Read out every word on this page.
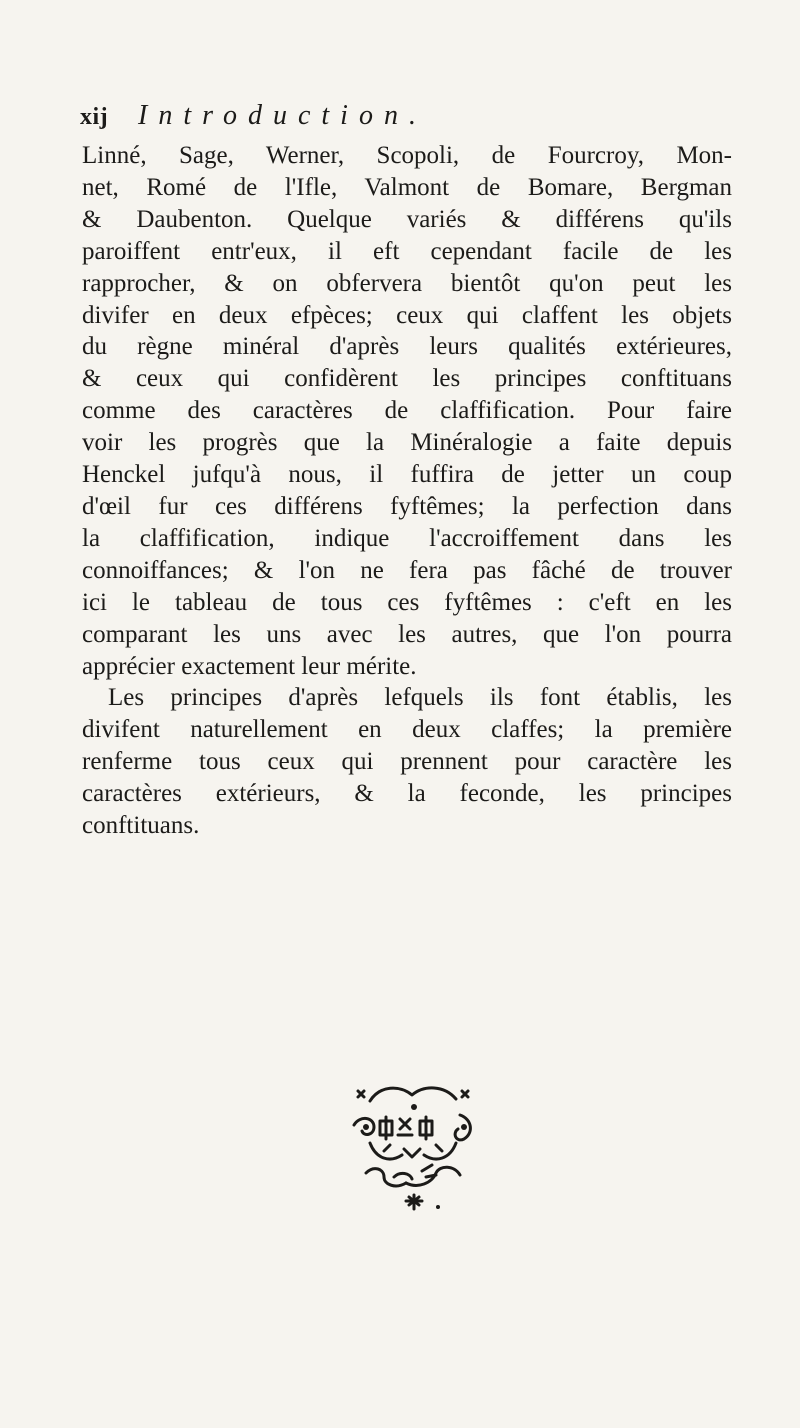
xij Introduction.

Linné, Sage, Werner, Scopoli, de Fourcroy, Mon-
net, Romé de l'Ifle, Valmont de Bomare, Bergman
& Daubenton. Quelque variés & différens qu'ils
paroiffent entr'eux, il eft cependant facile de les
rapprocher, & on obfervera bientôt qu'on peut les
divifer en deux efpèces; ceux qui claffent les objets
du règne minéral d'après leurs qualités extérieures,
& ceux qui confidèrent les principes conftituans
comme des caractères de claffification. Pour faire
voir les progrès que la Minéralogie a faite depuis
Henckel jufqu'à nous, il fuffira de jetter un coup
d'œil fur ces différens fyftêmes; la perfection dans
la claffification, indique l'accroiffement dans les
connoiffances; & l'on ne fera pas fâché de trouver
ici le tableau de tous ces fyftêmes : c'eft en les
comparant les uns avec les autres, que l'on pourra

apprécier exactement leur mérite.

Les principes d'après lefquels ils font établis, les

divifent naturellement en deux claffes; la première
renferme tous ceux qui prennent pour caractère les
caractères extérieurs, & la feconde, les principes

conftituans.
